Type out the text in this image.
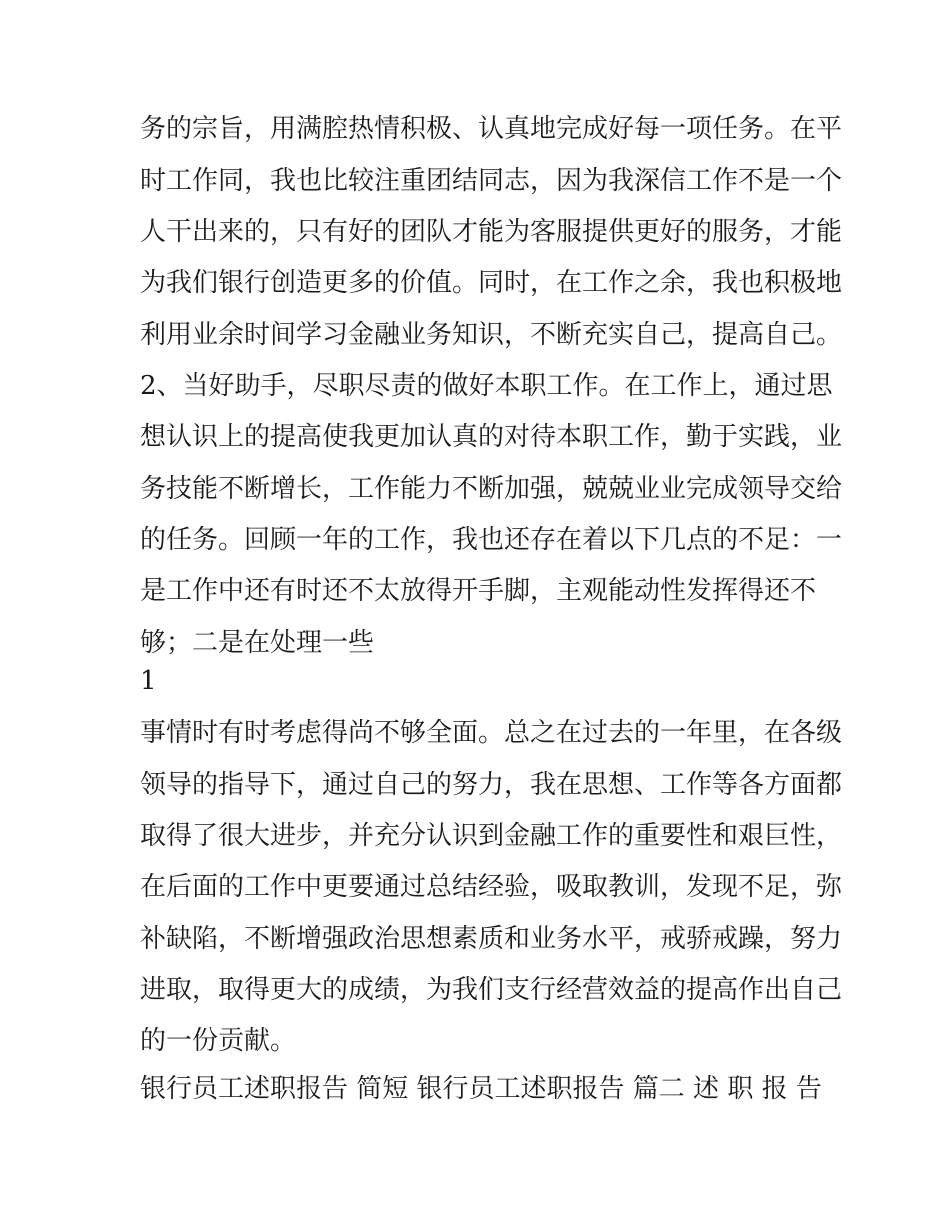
务的宗旨，用满腔热情积极、认真地完成好每一项任务。在平
时工作同，我也比较注重团结同志，因为我深信工作不是一个
人干出来的，只有好的团队才能为客服提供更好的服务，才能
为我们银行创造更多的价值。同时，在工作之余，我也积极地
利用业余时间学习金融业务知识，不断充实自己，提高自己。
2、当好助手，尽职尽责的做好本职工作。在工作上，通过思
想认识上的提高使我更加认真的对待本职工作，勤于实践，业
务技能不断增长，工作能力不断加强，兢兢业业完成领导交给
的任务。回顾一年的工作，我也还存在着以下几点的不足：一
是工作中还有时还不太放得开手脚，主观能动性发挥得还不
够；二是在处理一些
1
事情时有时考虑得尚不够全面。总之在过去的一年里，在各级
领导的指导下，通过自己的努力，我在思想、工作等各方面都
取得了很大进步，并充分认识到金融工作的重要性和艰巨性，
在后面的工作中更要通过总结经验，吸取教训，发现不足，弥
补缺陷，不断增强政治思想素质和业务水平，戒骄戒躁，努力
进取，取得更大的成绩，为我们支行经营效益的提高作出自己
的一份贡献。
银行员工述职报告 简短 银行员工述职报告 篇二 述 职 报 告
